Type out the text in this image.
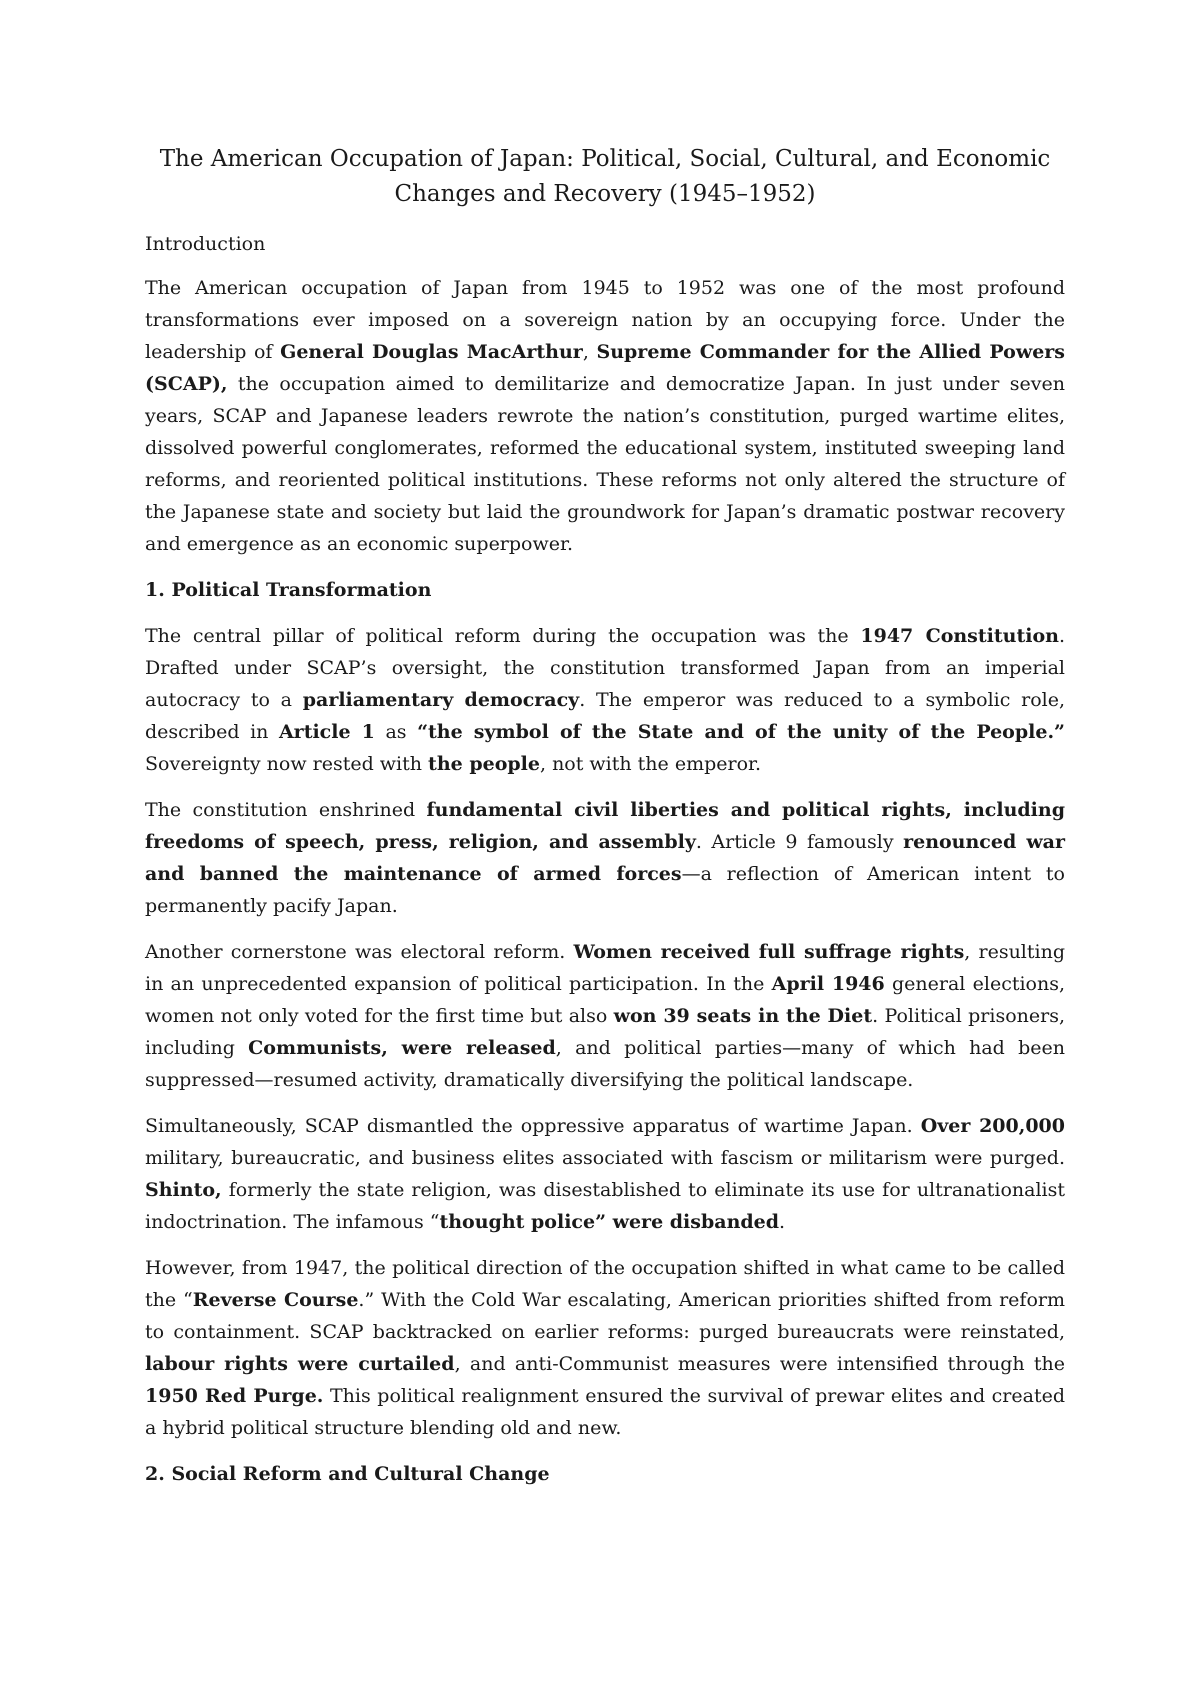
The American Occupation of Japan: Political, Social, Cultural, and Economic Changes and Recovery (1945–1952)

Introduction

The American occupation of Japan from 1945 to 1952 was one of the most profound transformations ever imposed on a sovereign nation by an occupying force. Under the leadership of General Douglas MacArthur, Supreme Commander for the Allied Powers (SCAP), the occupation aimed to demilitarize and democratize Japan. In just under seven years, SCAP and Japanese leaders rewrote the nation’s constitution, purged wartime elites, dissolved powerful conglomerates, reformed the educational system, instituted sweeping land reforms, and reoriented political institutions. These reforms not only altered the structure of the Japanese state and society but laid the groundwork for Japan’s dramatic postwar recovery and emergence as an economic superpower.

1. Political Transformation

The central pillar of political reform during the occupation was the 1947 Constitution. Drafted under SCAP’s oversight, the constitution transformed Japan from an imperial autocracy to a parliamentary democracy. The emperor was reduced to a symbolic role, described in Article 1 as “the symbol of the State and of the unity of the People.” Sovereignty now rested with the people, not with the emperor.

The constitution enshrined fundamental civil liberties and political rights, including freedoms of speech, press, religion, and assembly. Article 9 famously renounced war and banned the maintenance of armed forces—a reflection of American intent to permanently pacify Japan.

Another cornerstone was electoral reform. Women received full suffrage rights, resulting in an unprecedented expansion of political participation. In the April 1946 general elections, women not only voted for the first time but also won 39 seats in the Diet. Political prisoners, including Communists, were released, and political parties—many of which had been suppressed—resumed activity, dramatically diversifying the political landscape.

Simultaneously, SCAP dismantled the oppressive apparatus of wartime Japan. Over 200,000 military, bureaucratic, and business elites associated with fascism or militarism were purged. Shinto, formerly the state religion, was disestablished to eliminate its use for ultranationalist indoctrination. The infamous “thought police” were disbanded.

However, from 1947, the political direction of the occupation shifted in what came to be called the “Reverse Course.” With the Cold War escalating, American priorities shifted from reform to containment. SCAP backtracked on earlier reforms: purged bureaucrats were reinstated, labour rights were curtailed, and anti-Communist measures were intensified through the 1950 Red Purge. This political realignment ensured the survival of prewar elites and created a hybrid political structure blending old and new.

2. Social Reform and Cultural Change
